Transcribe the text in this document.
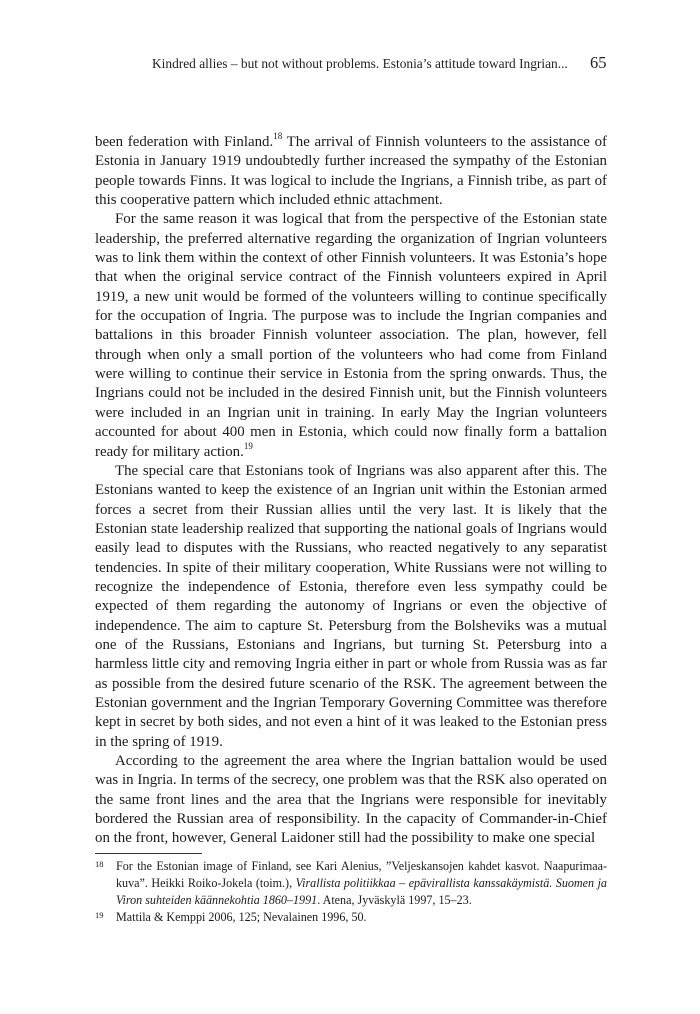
Kindred allies – but not without problems. Estonia’s attitude toward Ingrian...	65

been federation with Finland.$^{18}$ The arrival of Finnish volunteers to the assistance of Estonia in January 1919 undoubtedly further increased the sympathy of the Estonian people towards Finns. It was logical to include the Ingrians, a Finnish tribe, as part of this cooperative pattern which included ethnic attachment.

For the same reason it was logical that from the perspective of the Estonian state leadership, the preferred alternative regarding the organization of Ingrian volunteers was to link them within the context of other Finnish volunteers. It was Estonia’s hope that when the original service contract of the Finnish volunteers expired in April 1919, a new unit would be formed of the volunteers willing to continue specifically for the occupation of Ingria. The purpose was to include the Ingrian companies and battalions in this broader Finnish volunteer association. The plan, however, fell through when only a small portion of the volunteers who had come from Finland were willing to continue their service in Estonia from the spring onwards. Thus, the Ingrians could not be included in the desired Finnish unit, but the Finnish volunteers were included in an Ingrian unit in training. In early May the Ingrian volunteers accounted for about 400 men in Estonia, which could now finally form a battalion ready for military action.$^{19}$

The special care that Estonians took of Ingrians was also apparent after this. The Estonians wanted to keep the existence of an Ingrian unit within the Estonian armed forces a secret from their Russian allies until the very last. It is likely that the Estonian state leadership realized that supporting the national goals of Ingrians would easily lead to disputes with the Russians, who reacted negatively to any separatist tendencies. In spite of their military cooperation, White Russians were not willing to recognize the independence of Estonia, therefore even less sympathy could be expected of them regarding the autonomy of Ingrians or even the objective of independence. The aim to capture St. Petersburg from the Bolsheviks was a mutual one of the Russians, Estonians and Ingrians, but turning St. Petersburg into a harmless little city and removing Ingria either in part or whole from Russia was as far as possible from the desired future scenario of the RSK. The agreement between the Estonian government and the Ingrian Temporary Governing Committee was therefore kept in secret by both sides, and not even a hint of it was leaked to the Estonian press in the spring of 1919.

According to the agreement the area where the Ingrian battalion would be used was in Ingria. In terms of the secrecy, one problem was that the RSK also operated on the same front lines and the area that the Ingrians were responsible for inevitably bordered the Russian area of responsibility. In the capacity of Commander-in-Chief on the front, however, General Laidoner still had the possibility to make one special

18 For the Estonian image of Finland, see Kari Alenius, ”Veljeskansojen kahdet kasvot. Naapurimaa-kuva”. Heikki Roiko-Jokela (toim.), Virallista politiikkaa – epävirallista kanssakäymistä. Suomen ja Viron suhteiden käännekohtia 1860–1991. Atena, Jyväskylä 1997, 15–23.
19 Mattila & Kemppi 2006, 125; Nevalainen 1996, 50.
